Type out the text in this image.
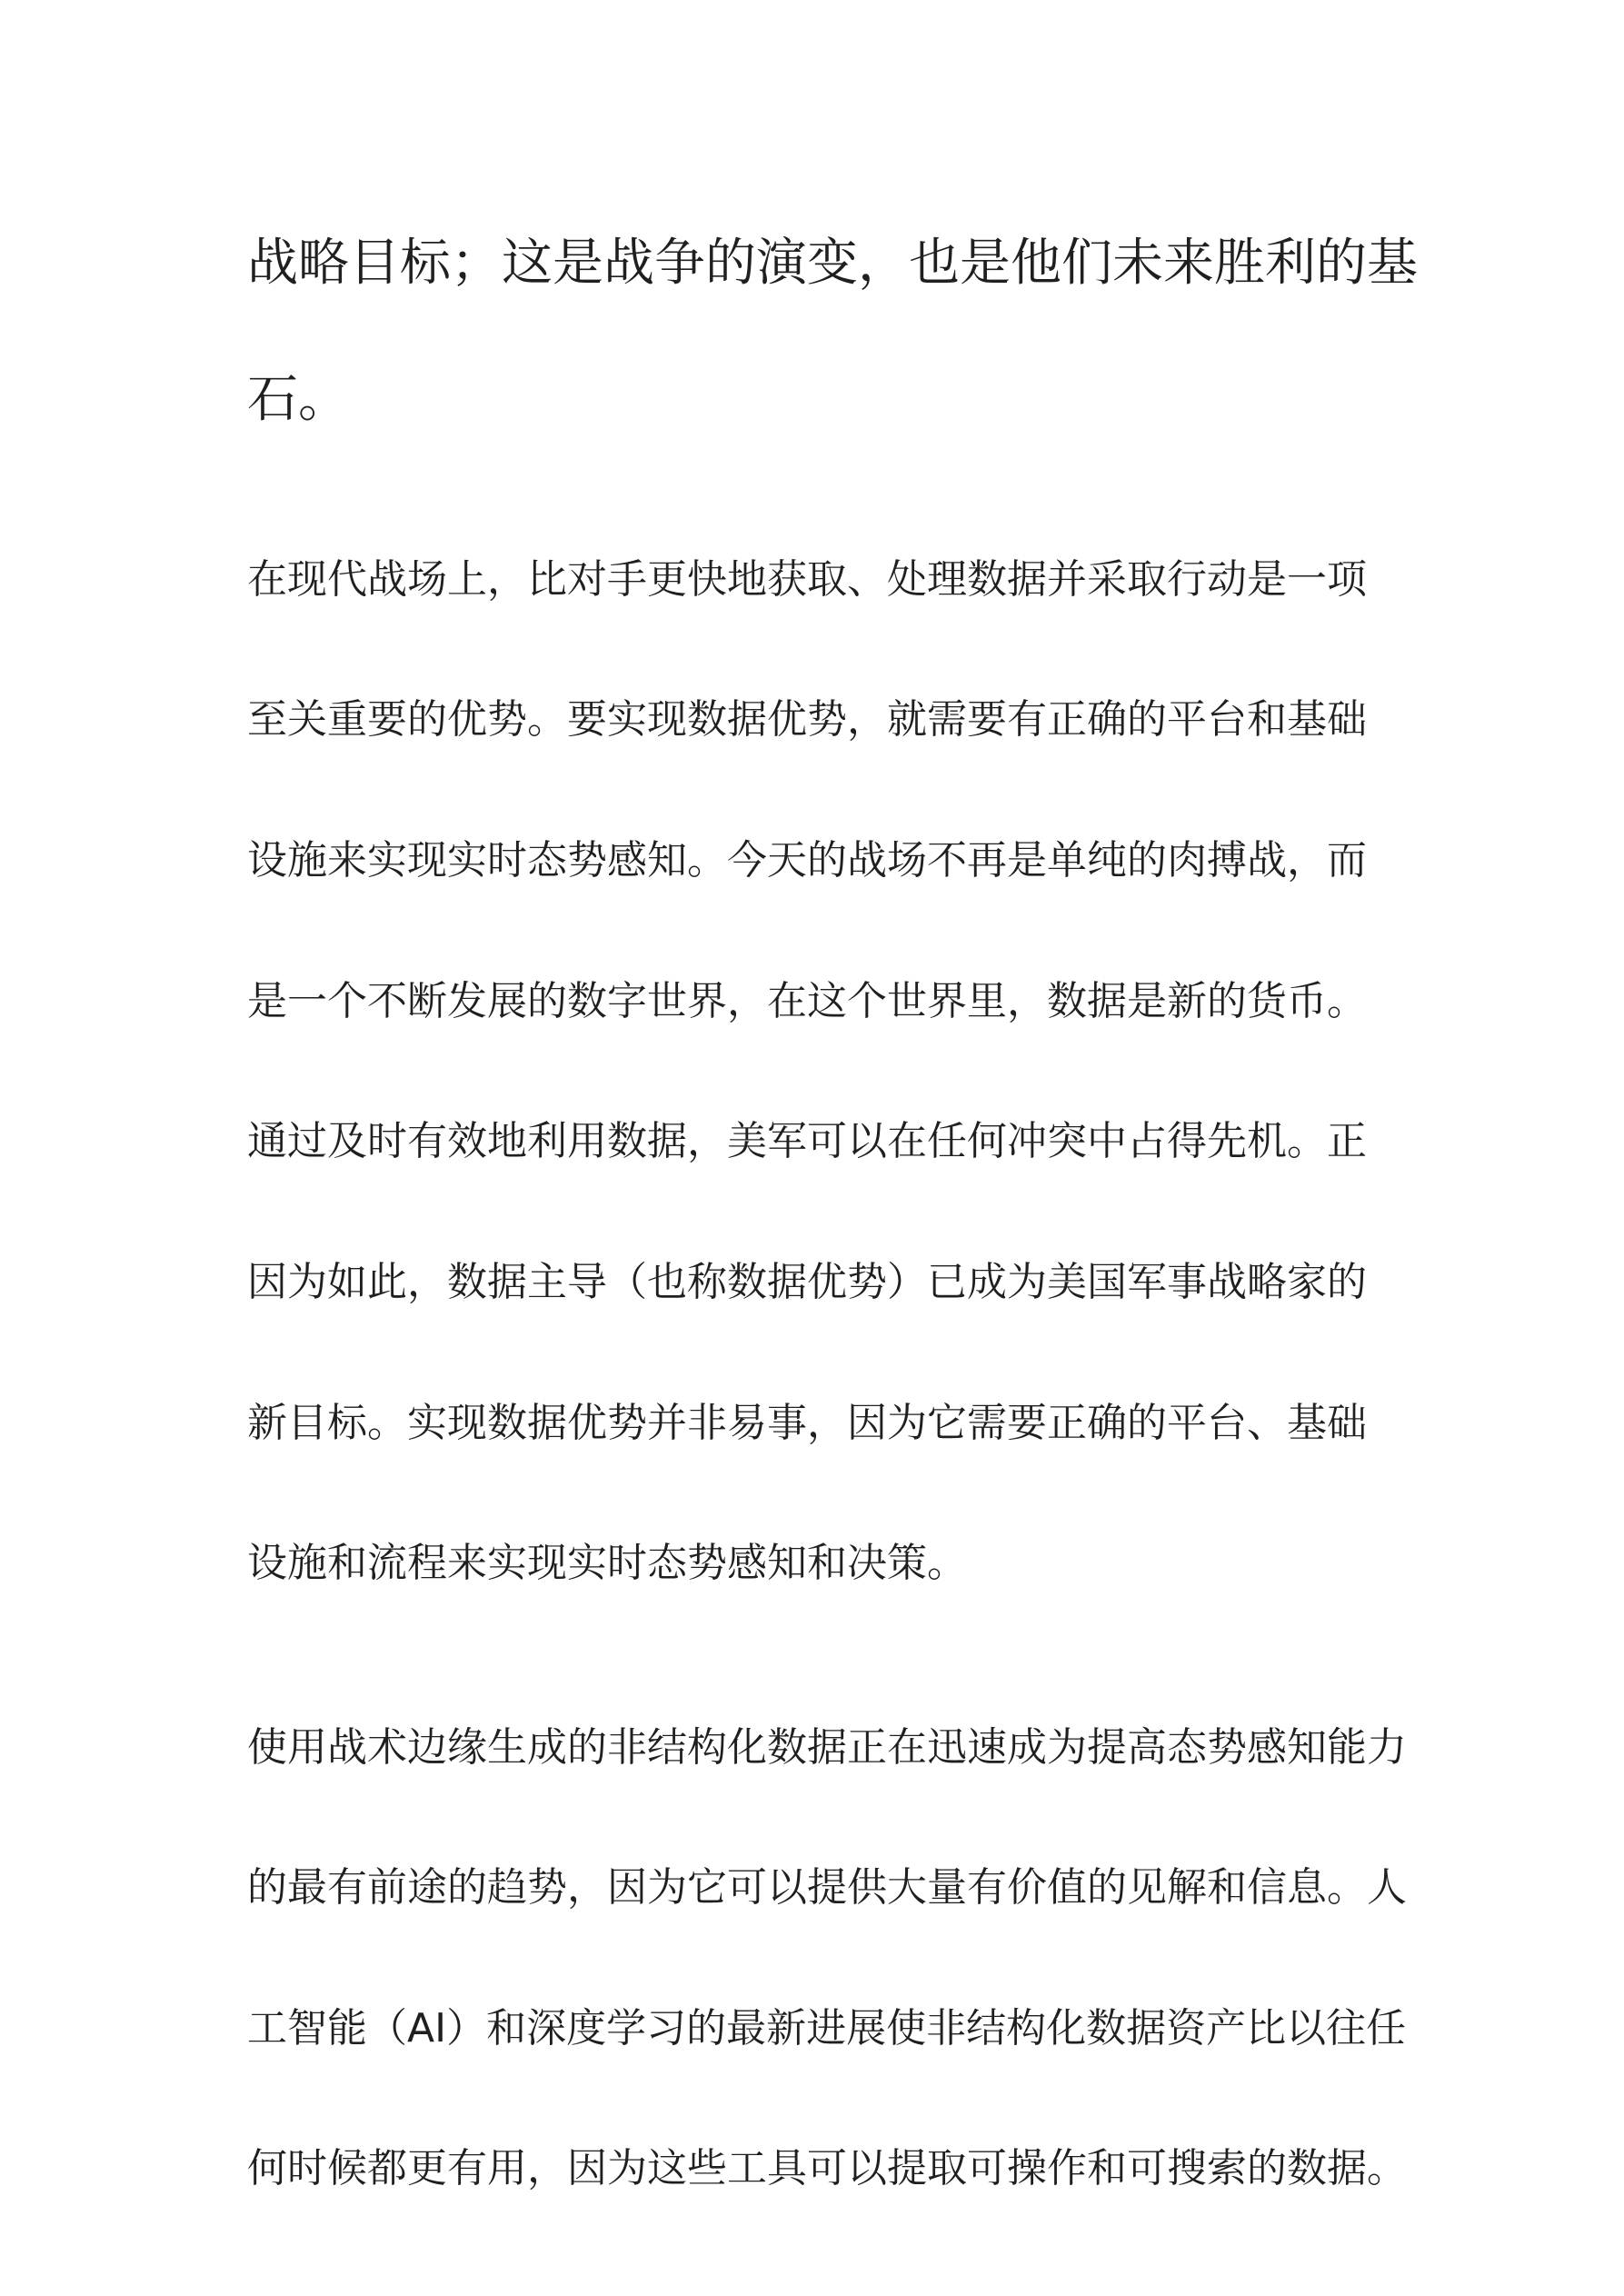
战略目标；这是战争的演变，也是他们未来胜利的基

石。

在现代战场上，比对手更快地获取、处理数据并采取行动是一项

至关重要的优势。要实现数据优势，就需要有正确的平台和基础

设施来实现实时态势感知。今天的战场不再是单纯的肉搏战，而

是一个不断发展的数字世界，在这个世界里，数据是新的货币。

通过及时有效地利用数据，美军可以在任何冲突中占得先机。正

因为如此，数据主导（也称数据优势）已成为美国军事战略家的

新目标。实现数据优势并非易事，因为它需要正确的平台、基础

设施和流程来实现实时态势感知和决策。

使用战术边缘生成的非结构化数据正在迅速成为提高态势感知能力

的最有前途的趋势，因为它可以提供大量有价值的见解和信息。人

工智能（AI）和深度学习的最新进展使非结构化数据资产比以往任

何时候都更有用，因为这些工具可以提取可操作和可搜索的数据。
